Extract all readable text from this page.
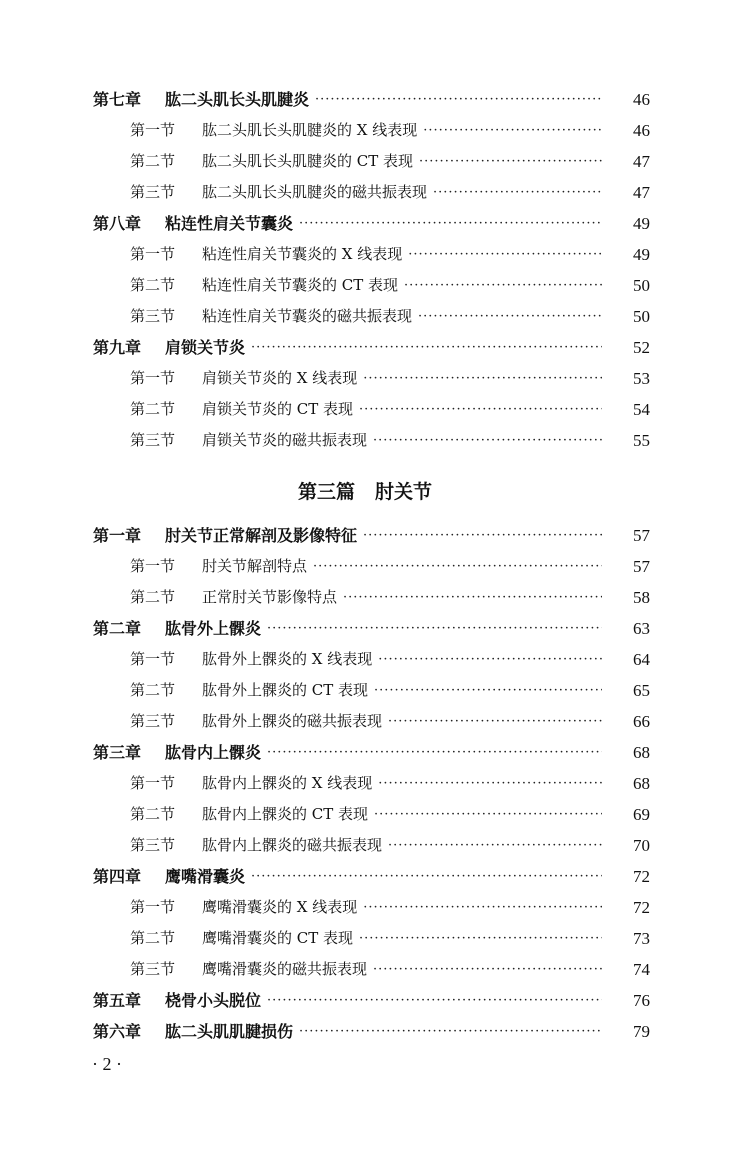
第七章 肱二头肌长头肌腱炎 ·····	46
第一节 肱二头肌长头肌腱炎的 X 线表现 ·····	46
第二节 肱二头肌长头肌腱炎的 CT 表现 ·····	47
第三节 肱二头肌长头肌腱炎的磁共振表现 ·····	47
第八章 粘连性肩关节囊炎 ·····	49
第一节 粘连性肩关节囊炎的 X 线表现 ·····	49
第二节 粘连性肩关节囊炎的 CT 表现 ·····	50
第三节 粘连性肩关节囊炎的磁共振表现 ·····	50
第九章 肩锁关节炎 ·····	52
第一节 肩锁关节炎的 X 线表现 ·····	53
第二节 肩锁关节炎的 CT 表现 ·····	54
第三节 肩锁关节炎的磁共振表现 ·····	55
第三篇 肘关节
第一章 肘关节正常解剖及影像特征 ·····	57
第一节 肘关节解剖特点 ·····	57
第二节 正常肘关节影像特点 ·····	58
第二章 肱骨外上髁炎 ·····	63
第一节 肱骨外上髁炎的 X 线表现 ·····	64
第二节 肱骨外上髁炎的 CT 表现 ·····	65
第三节 肱骨外上髁炎的磁共振表现 ·····	66
第三章 肱骨内上髁炎 ·····	68
第一节 肱骨内上髁炎的 X 线表现 ·····	68
第二节 肱骨内上髁炎的 CT 表现 ·····	69
第三节 肱骨内上髁炎的磁共振表现 ·····	70
第四章 鹰嘴滑囊炎 ·····	72
第一节 鹰嘴滑囊炎的 X 线表现 ·····	72
第二节 鹰嘴滑囊炎的 CT 表现 ·····	73
第三节 鹰嘴滑囊炎的磁共振表现 ·····	74
第五章 桡骨小头脱位 ·····	76
第六章 肱二头肌肌腱损伤 ·····	79
· 2 ·
